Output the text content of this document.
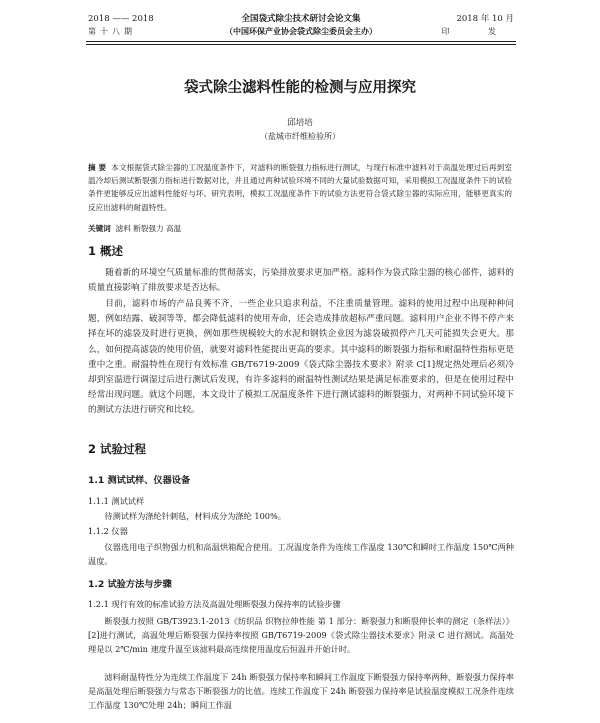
2018 —— 2018
第十八期
全国袋式除尘技术研讨会论文集
（中国环保产业协会袋式除尘委员会主办）
2018 年 10 月
印 发
袋式除尘滤料性能的检测与应用探究
邱培培
（盐城市纤维检验所）
摘 要 本文根据袋式除尘器的工况温度条件下，对滤料的断裂强力指标进行测试，与现行标准中滤料对于高温处理过后再到室温冷却后测试断裂强力指标进行数据对比，并且通过两种试验环境不同的大量试验数据可知，采用模拟工况温度条件下的试验条件更能够反应出滤料性能好与坏。研究表明，模拟工况温度条件下的试验方法更符合袋式除尘器的实际应用，能够更真实的反应出滤料的耐温特性。
关键词 滤料 断裂强力 高温
1 概述
随着新的环境空气质量标准的贯彻落实，污染排放要求更加严格。滤料作为袋式除尘器的核心部件，滤料的质量直接影响了排放要求是否达标。
目前，滤料市场的产品良莠不齐，一些企业只追求利益，不注重质量管理。滤料的使用过程中出现种种问题，例如结露、破洞等等，都会降低滤料的使用寿命，还会造成排放超标严重问题。滤料用户企业不得不停产来择在坏的滤袋及时进行更换，例如那些规模较大的水泥和钢铁企业因为滤袋破损停产几天可能损失会更大。那么，如何提高滤袋的使用价值，就要对滤料性能提出更高的要求。其中滤料的断裂强力指标和耐温特性指标更是重中之重。耐温特性在现行有效标准 GB/T6719-2009《袋式除尘器技术要求》附录 C[1]规定热处理后必须冷却到室温进行调湿过后进行测试后发现，有许多滤料的耐温特性测试结果是满足标准要求的，但是在使用过程中经常出现问题。就这个问题，本文设计了模拟工况温度条件下进行测试滤料的断裂强力，对两种不同试验环境下的测试方法进行研究和比较。
2 试验过程
1.1 测试试样、仪器设备
1.1.1 测试试样
待测试样为涤纶针刺毡，材料成分为涤纶 100%。
1.1.2 仪器
仪器选用电子织物强力机和高温烘箱配合使用。工况温度条件为连续工作温度 130℃和瞬时工作温度 150℃两种温度。
1.2 试验方法与步骤
1.2.1 现行有效的标准试验方法及高温处理断裂强力保持率的试验步骤
断裂强力按照 GB/T3923.1-2013《纺织品 织物拉伸性能 第 1 部分：断裂强力和断裂伸长率的测定（条样法）》[2]进行测试，高温处理后断裂强力保持率按照 GB/T6719-2009《袋式除尘器技术要求》附录 C 进行测试。高温处理是以 2℃/min 速度升温至该滤料最高连续使用温度后恒温并开始计时。
滤料耐温特性分为连续工作温度下 24h 断裂强力保持率和瞬间工作温度下断裂强力保持率两种，断裂强力保持率是高温处理后断裂强力与常态下断裂强力的比值。连续工作温度下 24h 断裂强力保持率是试验温度模拟工况条件连续工作温度 130℃处理 24h；瞬间工作温
